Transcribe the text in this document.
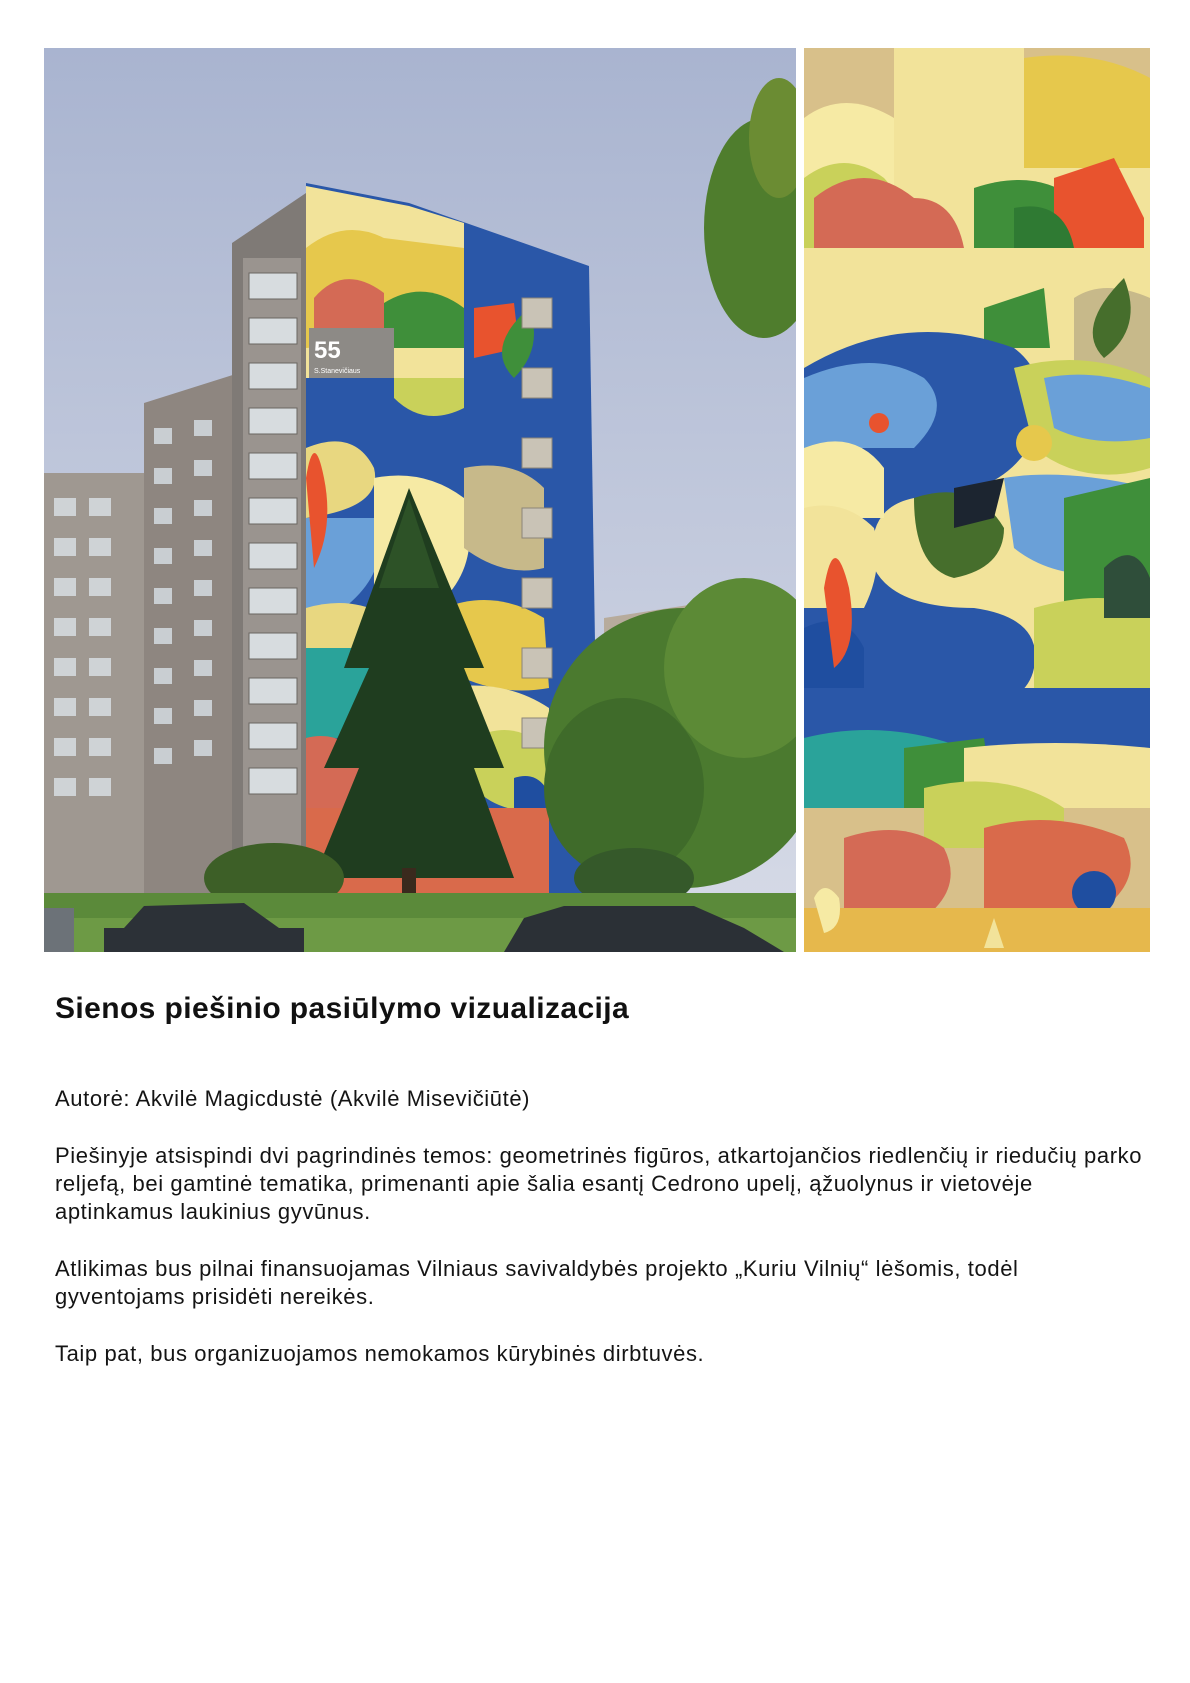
55
S.Stanevičiaus
Sienos piešinio pasiūlymo vizualizacija

Autorė: Akvilė Magicdustė (Akvilė Misevičiūtė)

Piešinyje atsispindi dvi pagrindinės temos: geometrinės figūros, atkartojančios riedlenčių ir riedučių parko reljefą, bei gamtinė tematika, primenanti apie šalia esantį Cedrono upelį, ąžuolynus ir vietovėje aptinkamus laukinius gyvūnus.

Atlikimas bus pilnai finansuojamas Vilniaus savivaldybės projekto „Kuriu Vilnių“ lėšomis, todėl gyventojams prisidėti nereikės.

Taip pat, bus organizuojamos nemokamos kūrybinės dirbtuvės.
